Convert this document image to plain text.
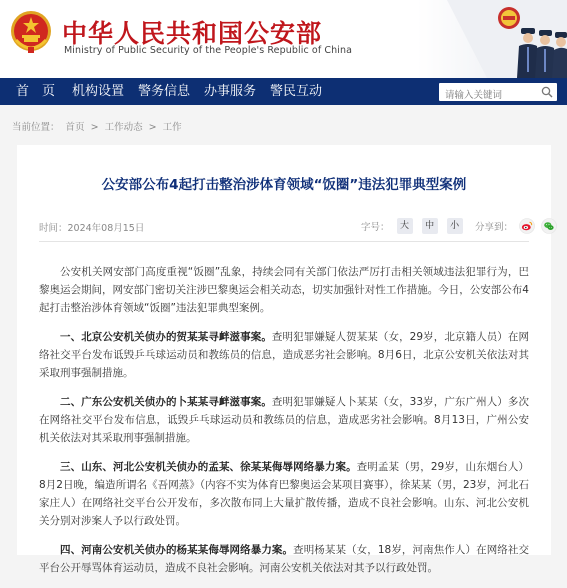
中华人民共和国公安部
Ministry of Public Security of the People's Republic of China
首　页 机构设置 警务信息 办事服务 警民互动
请输入关键词
当前位置： 首页 > 工作动态 > 工作
公安部公布4起打击整治涉体育领域“饭圈”违法犯罪典型案例
时间：2024年08月15日	字号： 大 中 小	分享到：

公安机关网安部门高度重视“饭圈”乱象，持续会同有关部门依法严厉打击相关领域违法犯罪行为，巴黎奥运会期间，网安部门密切关注涉巴黎奥运会相关动态，切实加强针对性工作措施。今日，公安部公布4起打击整治涉体育领域“饭圈”违法犯罪典型案例。

一、北京公安机关侦办的贺某某寻衅滋事案。查明犯罪嫌疑人贺某某（女，29岁，北京籍人员）在网络社交平台发布诋毁乒乓球运动员和教练员的信息，造成恶劣社会影响。8月6日，北京公安机关依法对其采取刑事强制措施。

二、广东公安机关侦办的卜某某寻衅滋事案。查明犯罪嫌疑人卜某某（女，33岁，广东广州人）多次在网络社交平台发布信息，诋毁乒乓球运动员和教练员的信息，造成恶劣社会影响。8月13日，广州公安机关依法对其采取刑事强制措施。

三、山东、河北公安机关侦办的孟某、徐某某侮辱网络暴力案。查明孟某（男，29岁，山东烟台人）8月2日晚，编造所谓名《吾网蒸》（内容不实为体育巴黎奥运会某项目赛事），徐某某（男，23岁，河北石家庄人）在网络社交平台公开发布，多次散布同上大量扩散传播，造成不良社会影响。山东、河北公安机关分别对涉案人予以行政处罚。

四、河南公安机关侦办的杨某某侮辱网络暴力案。查明杨某某（女，18岁，河南焦作人）在网络社交平台公开辱骂体育运动员，造成不良社会影响。河南公安机关依法对其予以行政处罚。
